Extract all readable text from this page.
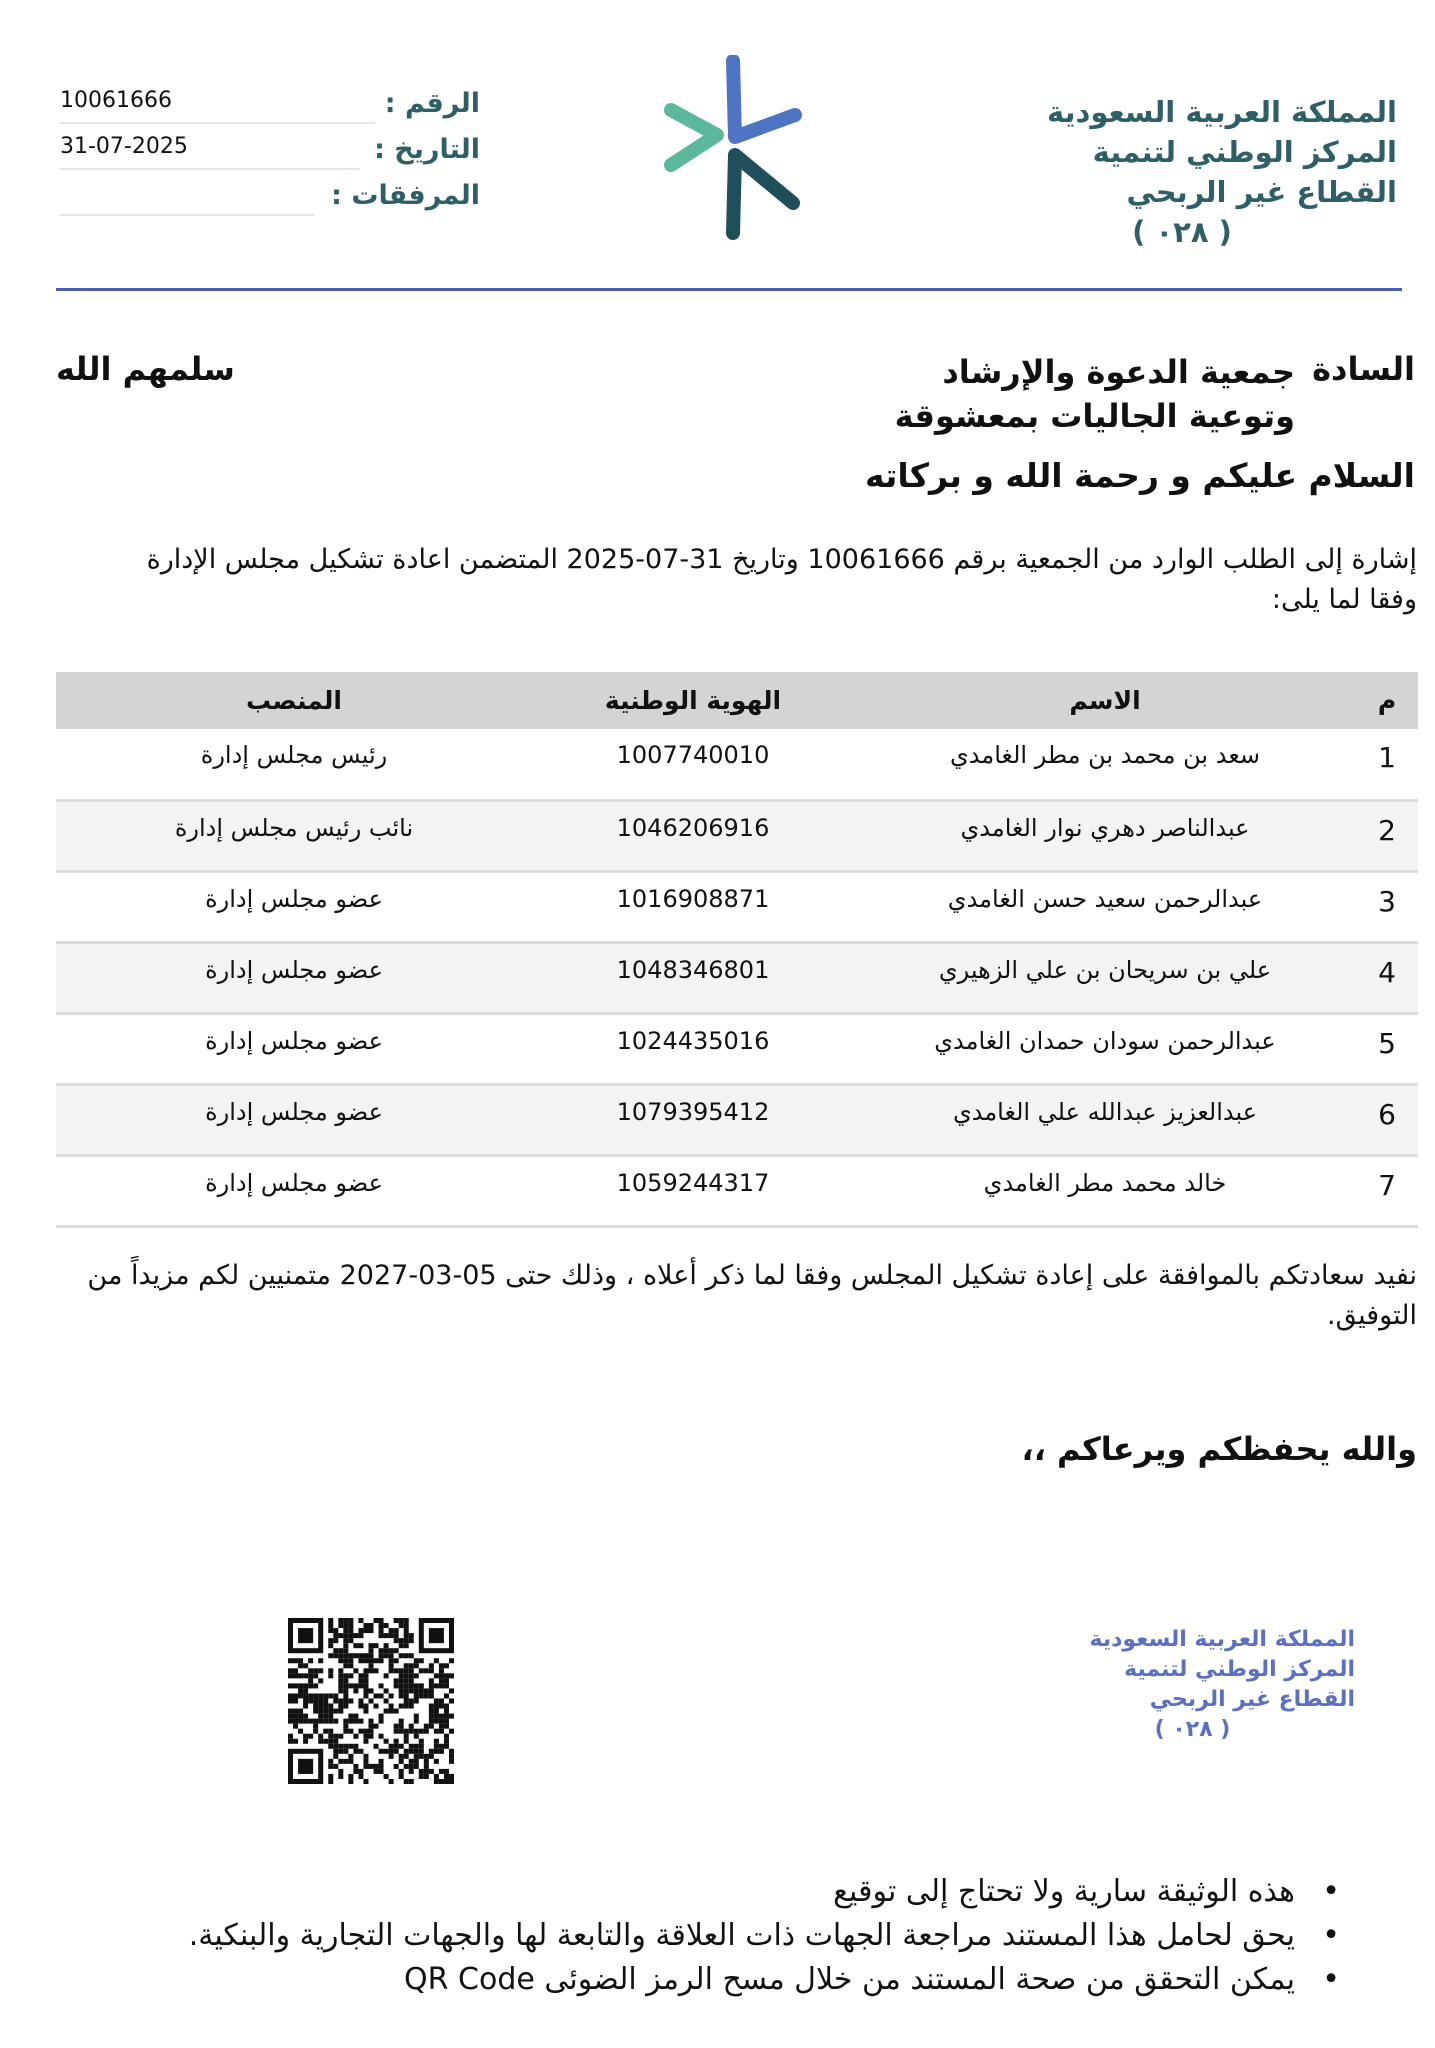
10061666	الرقم :
31-07-2025	التاريخ :
المرفقات :
المملكة العربية السعودية
المركز الوطني لتنمية
القطاع غير الربحي
( ٠٢٨ )
السادة
جمعية الدعوة والإرشاد
وتوعية الجاليات بمعشوقة
سلمهم الله
السلام عليكم و رحمة الله و بركاته
إشارة إلى الطلب الوارد من الجمعية برقم 10061666 وتاريخ 31-07-2025 المتضمن اعادة تشكيل مجلس الإدارة وفقا لما يلى:
م	الاسم	الهوية الوطنية	المنصب
1	سعد بن محمد بن مطر الغامدي	1007740010	رئيس مجلس إدارة
2	عبدالناصر دهري نوار الغامدي	1046206916	نائب رئيس مجلس إدارة
3	عبدالرحمن سعيد حسن الغامدي	1016908871	عضو مجلس إدارة
4	علي بن سريحان بن علي الزهيري	1048346801	عضو مجلس إدارة
5	عبدالرحمن سودان حمدان الغامدي	1024435016	عضو مجلس إدارة
6	عبدالعزيز عبدالله علي الغامدي	1079395412	عضو مجلس إدارة
7	خالد محمد مطر الغامدي	1059244317	عضو مجلس إدارة
نفيد سعادتكم بالموافقة على إعادة تشكيل المجلس وفقا لما ذكر أعلاه ، وذلك حتى 05-03-2027 متمنيين لكم مزيداً من التوفيق.
والله يحفظكم ويرعاكم ،،
المملكة العربية السعودية
المركز الوطني لتنمية
القطاع غير الربحي
( ٠٢٨ )
•
هذه الوثيقة سارية ولا تحتاج إلى توقيع
•
يحق لحامل هذا المستند مراجعة الجهات ذات العلاقة والتابعة لها والجهات التجارية والبنكية.
•
يمكن التحقق من صحة المستند من خلال مسح الرمز الضوئى QR Code
